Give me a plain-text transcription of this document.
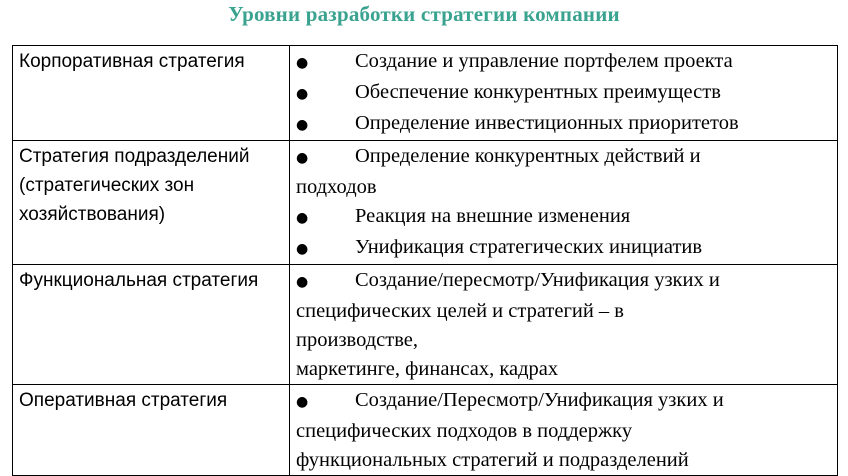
Уровни разработки стратегии компании
Корпоративная стратегия	● Создание и управление портфелем проекта
● Обеспечение конкурентных преимуществ
● Определение инвестиционных приоритетов

Стратегия подразделений (стратегических зон хозяйствования)	● Определение конкурентных действий и
подходов
● Реакция на внешние изменения
● Унификация стратегических инициатив

Функциональная стратегия	● Создание/пересмотр/Унификация узких и
специфических целей и стратегий – в
производстве,
маркетинге, финансах, кадрах

Оперативная стратегия	● Создание/Пересмотр/Унификация узких и
специфических подходов в поддержку
функциональных стратегий и подразделений
